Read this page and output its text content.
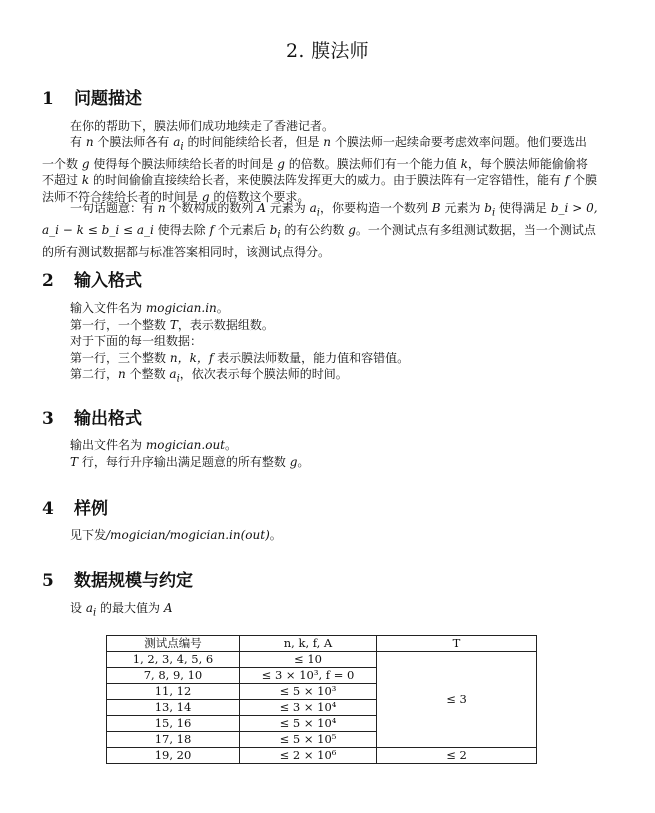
2. 膜法师
1	问题描述
在你的帮助下，膜法师们成功地续走了香港记者。
有 n 个膜法师各有 $a_i$ 的时间能续给长者，但是 n 个膜法师一起续命要考虑效率问题。他们要选出一个数 g 使得每个膜法师续给长者的时间是 g 的倍数。膜法师们有一个能力值 k，每个膜法师能偷偷将不超过 k 的时间偷偷直接续给长者，来使膜法阵发挥更大的威力。由于膜法阵有一定容错性，能有 f 个膜法师不符合续给长者的时间是 g 的倍数这个要求。
一句话题意：有 n 个数构成的数列 A 元素为 $a_i$，你要构造一个数列 B 元素为 $b_i$ 使得满足 b_i > 0, a_i − k ≤ b_i ≤ a_i 使得去除 f 个元素后 $b_i$ 的有公约数 g。一个测试点有多组测试数据，当一个测试点的所有测试数据都与标准答案相同时，该测试点得分。
2	输入格式
输入文件名为 mogician.in。
第一行，一个整数 T，表示数据组数。
对于下面的每一组数据：
第一行，三个整数 n，k，f 表示膜法师数量，能力值和容错值。
第二行，n 个整数 $a_i$，依次表示每个膜法师的时间。
3	输出格式
输出文件名为 mogician.out。
T 行，每行升序输出满足题意的所有整数 g。
4	样例
见下发/mogician/mogician.in(out)。
5	数据规模与约定
设 $a_i$ 的最大值为 A
测试点编号	n, k, f, A	T
1, 2, 3, 4, 5, 6	≤ 10	≤ 3
7, 8, 9, 10	≤ 3 × 10³, f = 0	
11, 12	≤ 5 × 10³	
13, 14	≤ 3 × 10⁴	
15, 16	≤ 5 × 10⁴	
17, 18	≤ 5 × 10⁵	
19, 20	≤ 2 × 10⁶	≤ 2
